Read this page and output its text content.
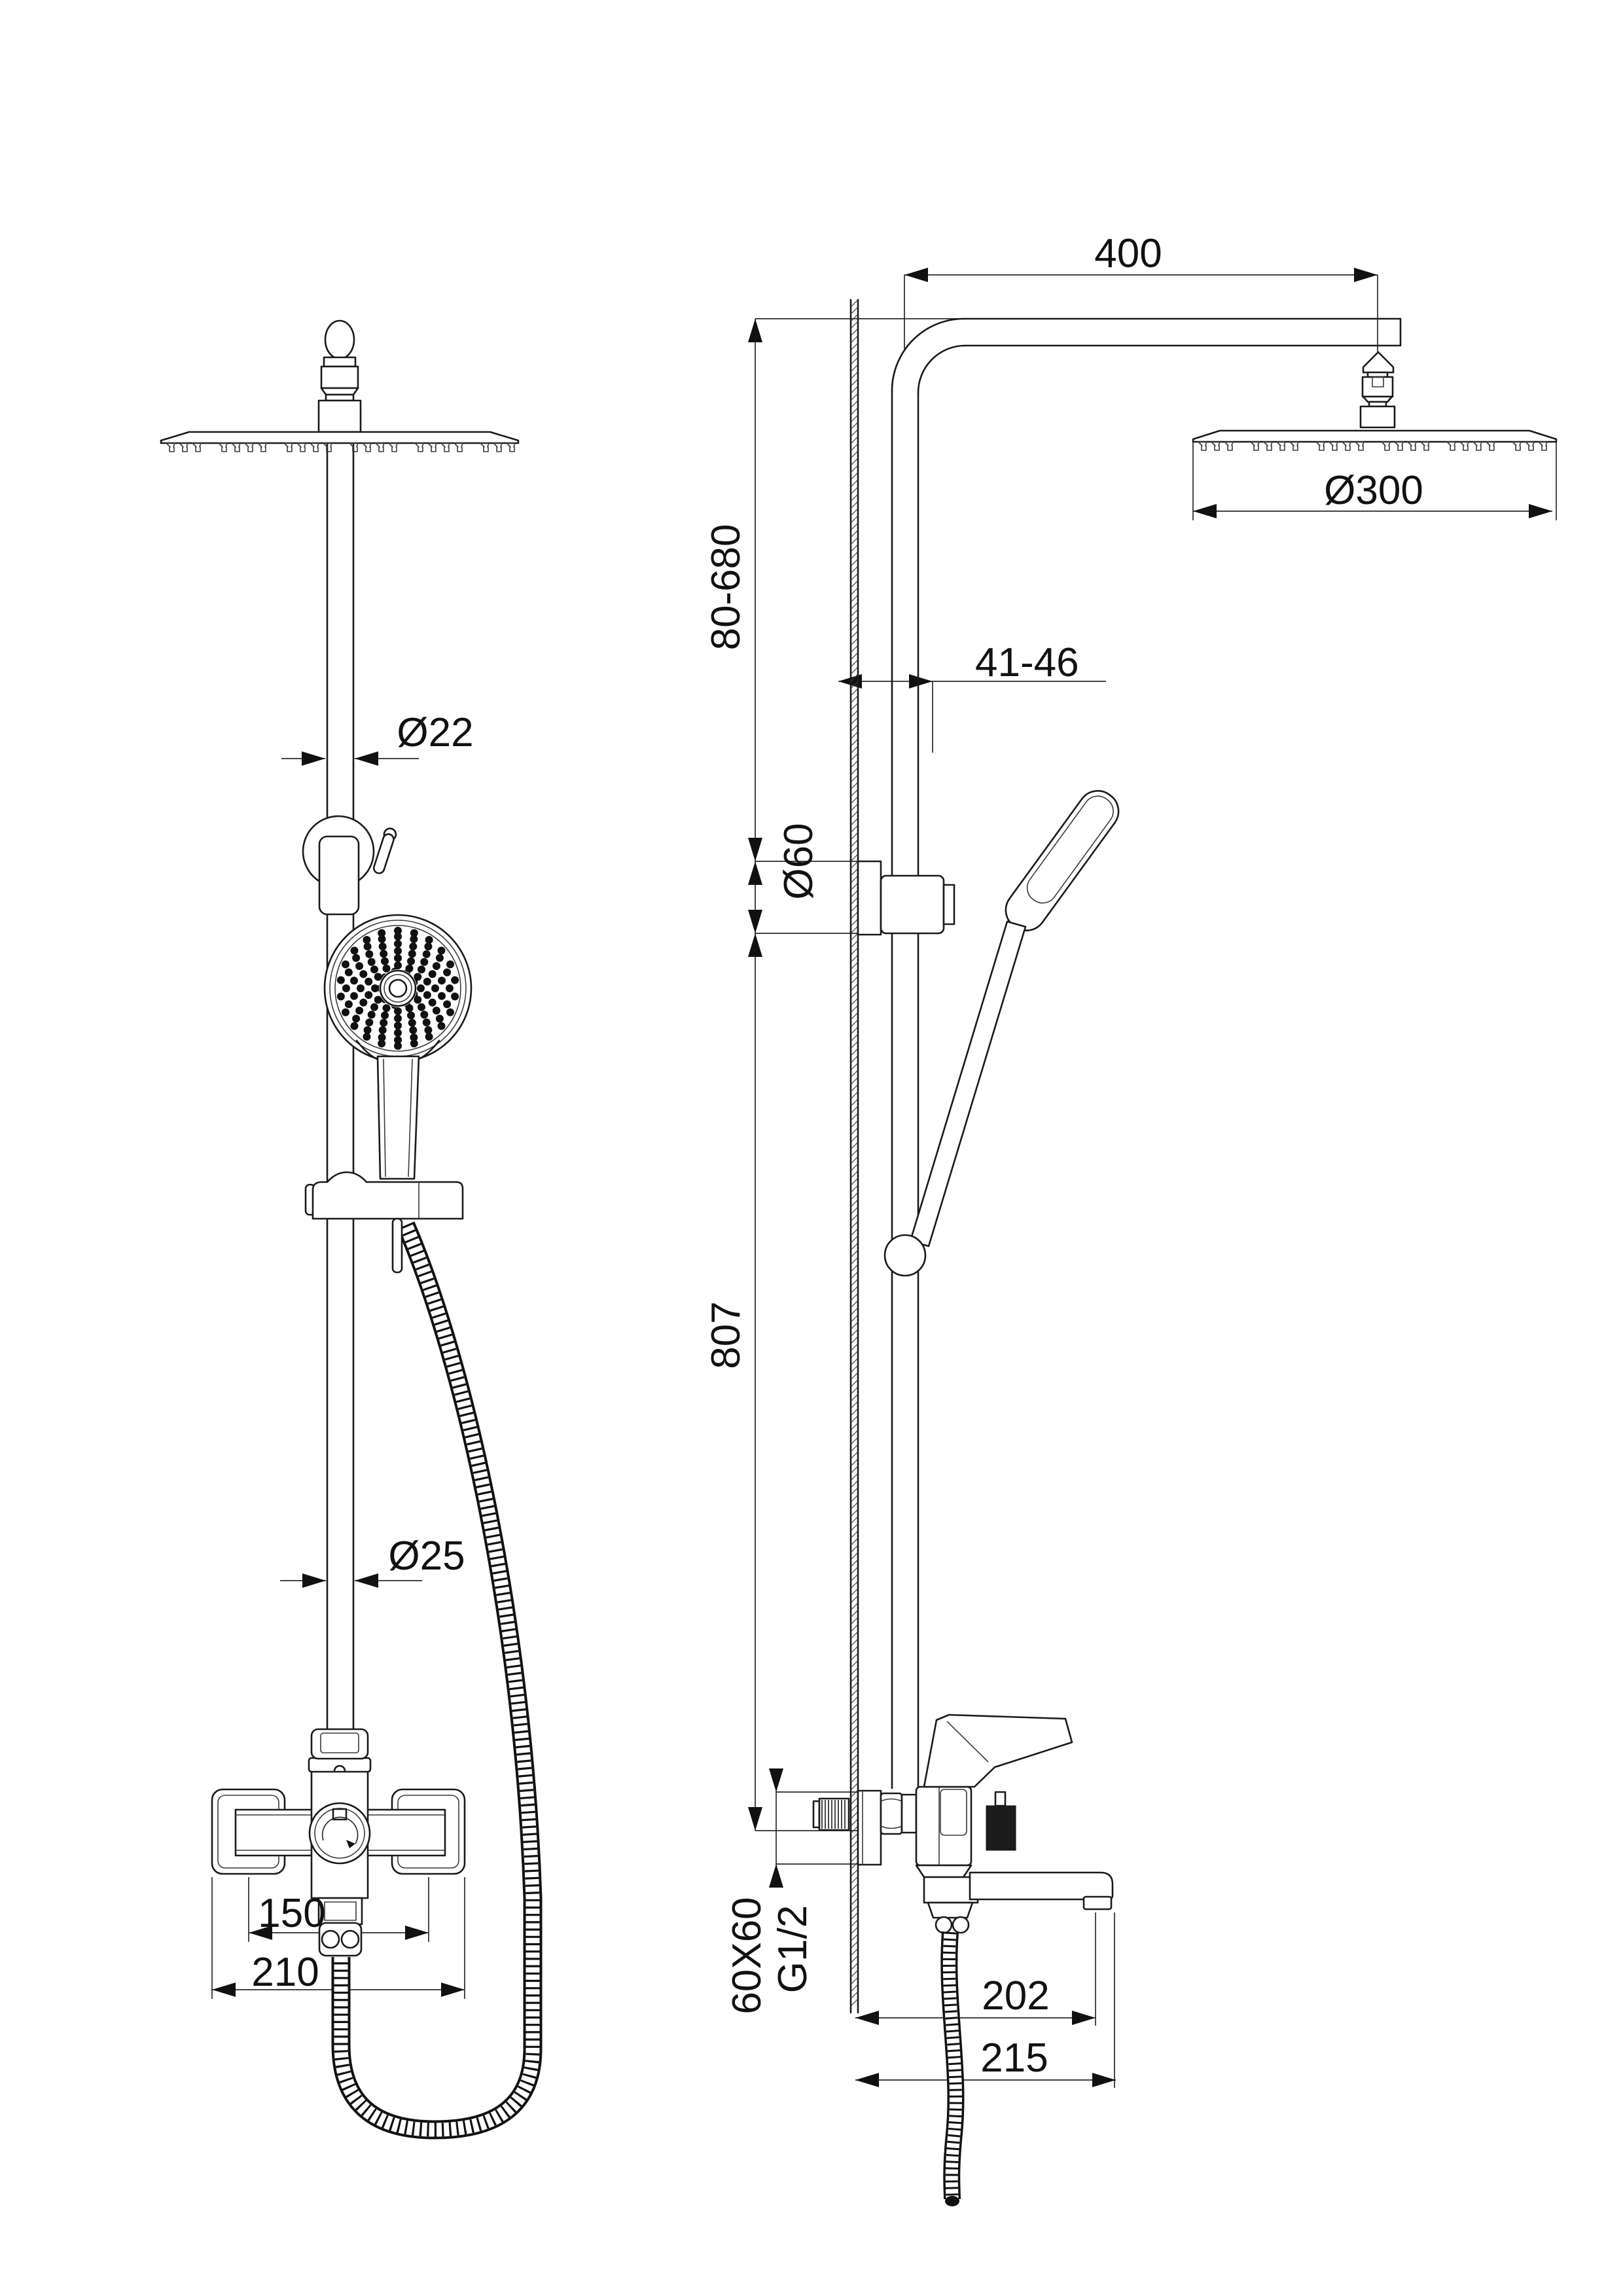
400
Ø300
80-680
41-46
Ø60
807
Ø22
Ø25
150
210	60X60 G1/2
202
215
